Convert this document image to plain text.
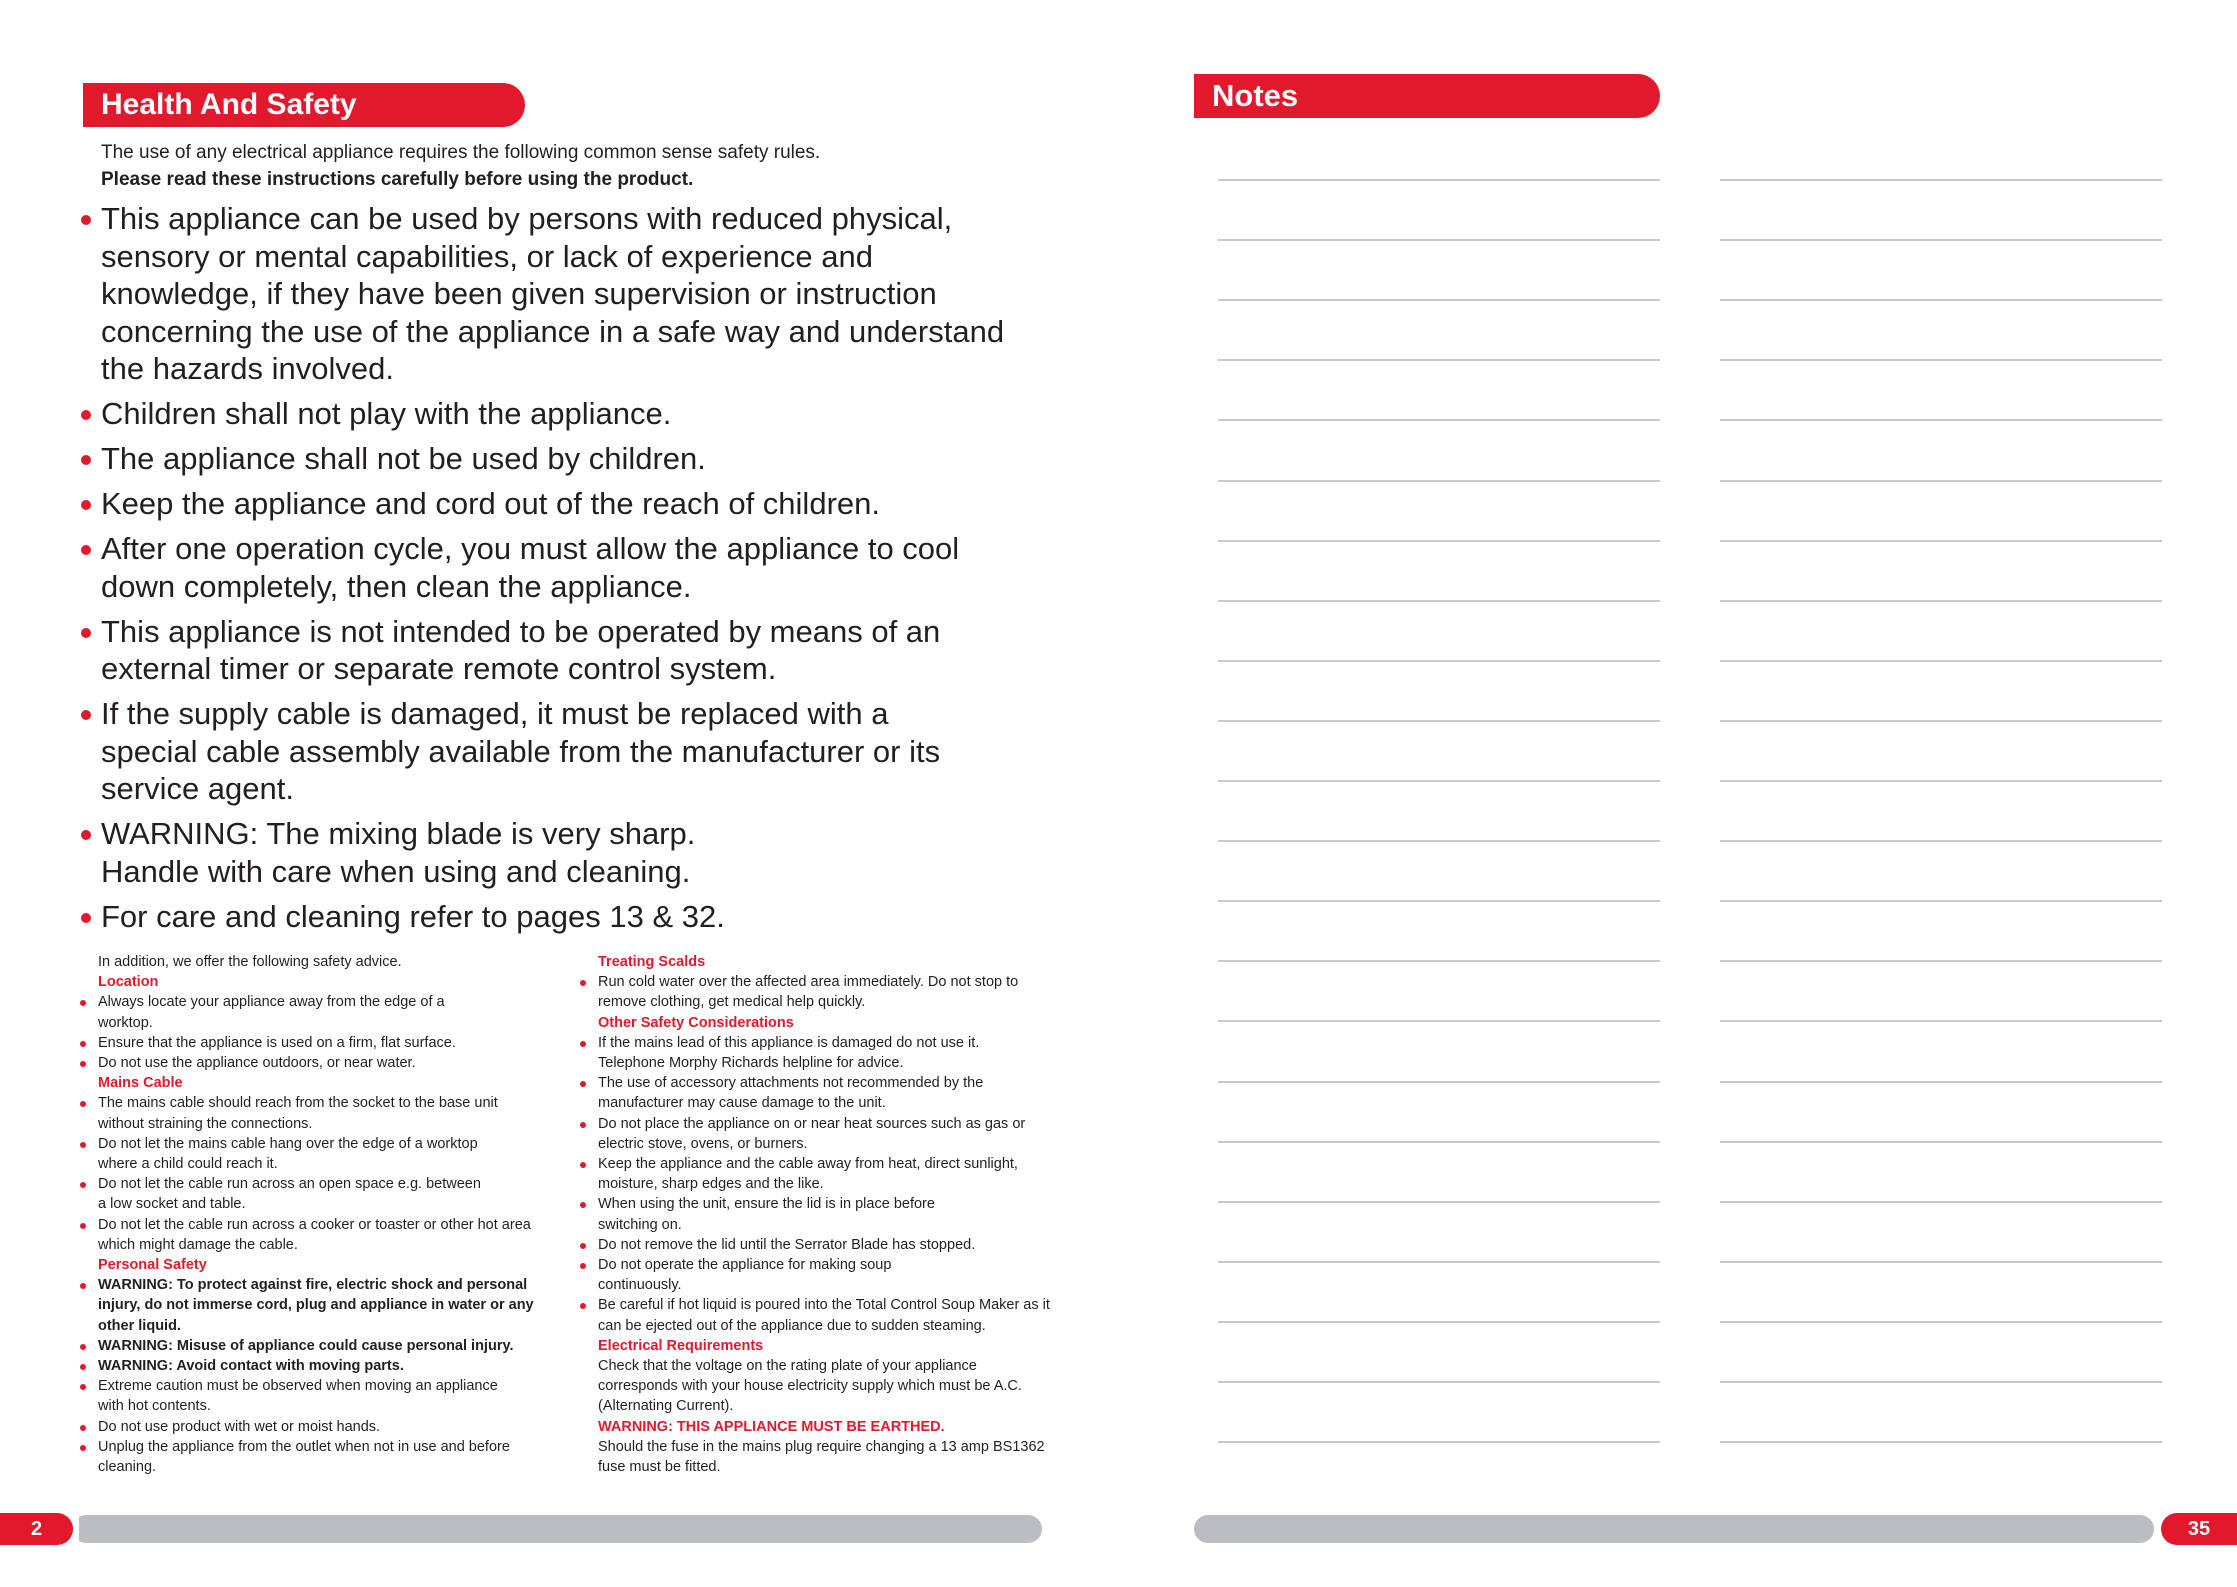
Health And Safety
The use of any electrical appliance requires the following common sense safety rules.
Please read these instructions carefully before using the product.
This appliance can be used by persons with reduced physical, sensory or mental capabilities, or lack of experience and knowledge, if they have been given supervision or instruction concerning the use of the appliance in a safe way and understand the hazards involved.
Children shall not play with the appliance.
The appliance shall not be used by children.
Keep the appliance and cord out of the reach of children.
After one operation cycle, you must allow the appliance to cool down completely, then clean the appliance.
This appliance is not intended to be operated by means of an external timer or separate remote control system.
If the supply cable is damaged, it must be replaced with a special cable assembly available from the manufacturer or its service agent.
WARNING: The mixing blade is very sharp. Handle with care when using and cleaning.
For care and cleaning refer to pages 13 & 32.
In addition, we offer the following safety advice.
Location
Always locate your appliance away from the edge of a worktop.
Ensure that the appliance is used on a firm, flat surface.
Do not use the appliance outdoors, or near water.
Mains Cable
The mains cable should reach from the socket to the base unit without straining the connections.
Do not let the mains cable hang over the edge of a worktop where a child could reach it.
Do not let the cable run across an open space e.g. between a low socket and table.
Do not let the cable run across a cooker or toaster or other hot area which might damage the cable.
Personal Safety
WARNING: To protect against fire, electric shock and personal injury, do not immerse cord, plug and appliance in water or any other liquid.
WARNING: Misuse of appliance could cause personal injury.
WARNING: Avoid contact with moving parts.
Extreme caution must be observed when moving an appliance with hot contents.
Do not use product with wet or moist hands.
Unplug the appliance from the outlet when not in use and before cleaning.
Treating Scalds
Run cold water over the affected area immediately. Do not stop to remove clothing, get medical help quickly.
Other Safety Considerations
If the mains lead of this appliance is damaged do not use it. Telephone Morphy Richards helpline for advice.
The use of accessory attachments not recommended by the manufacturer may cause damage to the unit.
Do not place the appliance on or near heat sources such as gas or electric stove, ovens, or burners.
Keep the appliance and the cable away from heat, direct sunlight, moisture, sharp edges and the like.
When using the unit, ensure the lid is in place before switching on.
Do not remove the lid until the Serrator Blade has stopped.
Do not operate the appliance for making soup continuously.
Be careful if hot liquid is poured into the Total Control Soup Maker as it can be ejected out of the appliance due to sudden steaming.
Electrical Requirements
Check that the voltage on the rating plate of your appliance corresponds with your house electricity supply which must be A.C. (Alternating Current).
WARNING: THIS APPLIANCE MUST BE EARTHED.
Should the fuse in the mains plug require changing a 13 amp BS1362 fuse must be fitted.
2
Notes
35
